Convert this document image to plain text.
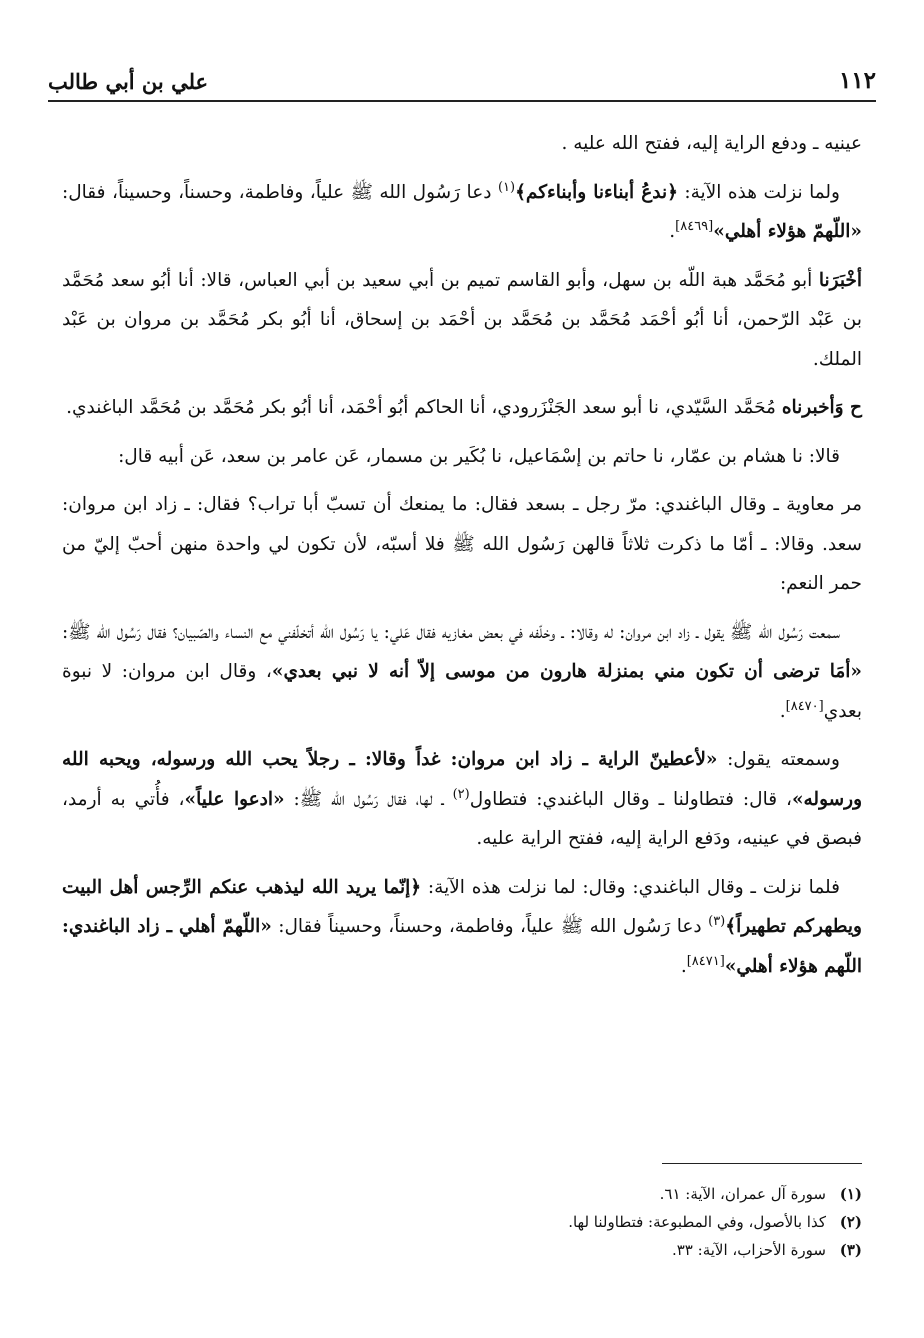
١١٢
علي بن أبي طالب

عينيه ـ ودفع الراية إليه، ففتح الله عليه .

ولما نزلت هذه الآية: ﴿ندعُ أبناءنا وأبناءكم﴾$^{(١)}$ دعا رَسُول الله ﷺ علياً، وفاطمة، وحسناً، وحسيناً، فقال: «اللّهمّ هؤلاء أهلي»[٨٤٦٩].

أخْبَرَنا أبو مُحَمَّد هبة اللّه بن سهل، وأبو القاسم تميم بن أبي سعيد بن أبي العباس، قالا: أنا أبُو سعد مُحَمَّد بن عَبْد الرّحمن، أنا أبُو أحْمَد مُحَمَّد بن مُحَمَّد بن أحْمَد بن إسحاق، أنا أبُو بكر مُحَمَّد بن مروان بن عَبْد الملك.

ح وَأخبرناه مُحَمَّد السَّيّدي، نا أبو سعد الجَنْزَرودي، أنا الحاكم أبُو أحْمَد، أنا أبُو بكر مُحَمَّد بن مُحَمَّد الباغندي.

قالا: نا هشام بن عمّار، نا حاتم بن إسْمَاعيل، نا بُكَير بن مسمار، عَن عامر بن سعد، عَن أبيه قال:

مر معاوية ـ وقال الباغندي: مرّ رجل ـ بسعد فقال: ما يمنعك أن تسبّ أبا تراب؟ فقال: ـ زاد ابن مروان: سعد. وقالا: ـ أمّا ما ذكرت ثلاثاً قالهن رَسُول الله ﷺ فلا أسبّه، لأن تكون لي واحدة منهن أحبّ إليّ من حمر النعم:

سمعت رَسُول الله ﷺ يقول ـ زاد ابن مروان: له وقالا: ـ وخلّفه في بعض مغازيه فقال عَلي: يا رَسُول الله أتخلّفني مع النساء والصّبيان؟ فقال رَسُول الله ﷺ: «أمَا ترضى أن تكون مني بمنزلة هارون من موسى إلاّ أنه لا نبي بعدي»، وقال ابن مروان: لا نبوة بعدي[٨٤٧٠].

وسمعته يقول: «لأعطينّ الراية ـ زاد ابن مروان: غداً وقالا: ـ رجلاً يحب الله ورسوله، ويحبه الله ورسوله»، قال: فتطاولنا ـ وقال الباغندي: فتطاول$^{(٢)}$ ـ لها، فقال رَسُول الله ﷺ: «ادعوا علياً»، فأُتي به أرمد، فبصق في عينيه، ودَفع الراية إليه، ففتح الراية عليه.

فلما نزلت ـ وقال الباغندي: وقال: لما نزلت هذه الآية: ﴿إنّما يريد الله ليذهب عنكم الرِّجس أهل البيت ويطهركم تطهيراً﴾$^{(٣)}$ دعا رَسُول الله ﷺ علياً، وفاطمة، وحسناً، وحسيناً فقال: «اللّهمّ أهلي ـ زاد الباغندي: اللّهم هؤلاء أهلي»[٨٤٧١].

(١)
سورة آل عمران، الآية: ٦١.
(٢)
كذا بالأصول، وفي المطبوعة: فتطاولنا لها.
(٣)
سورة الأحزاب، الآية: ٣٣.
